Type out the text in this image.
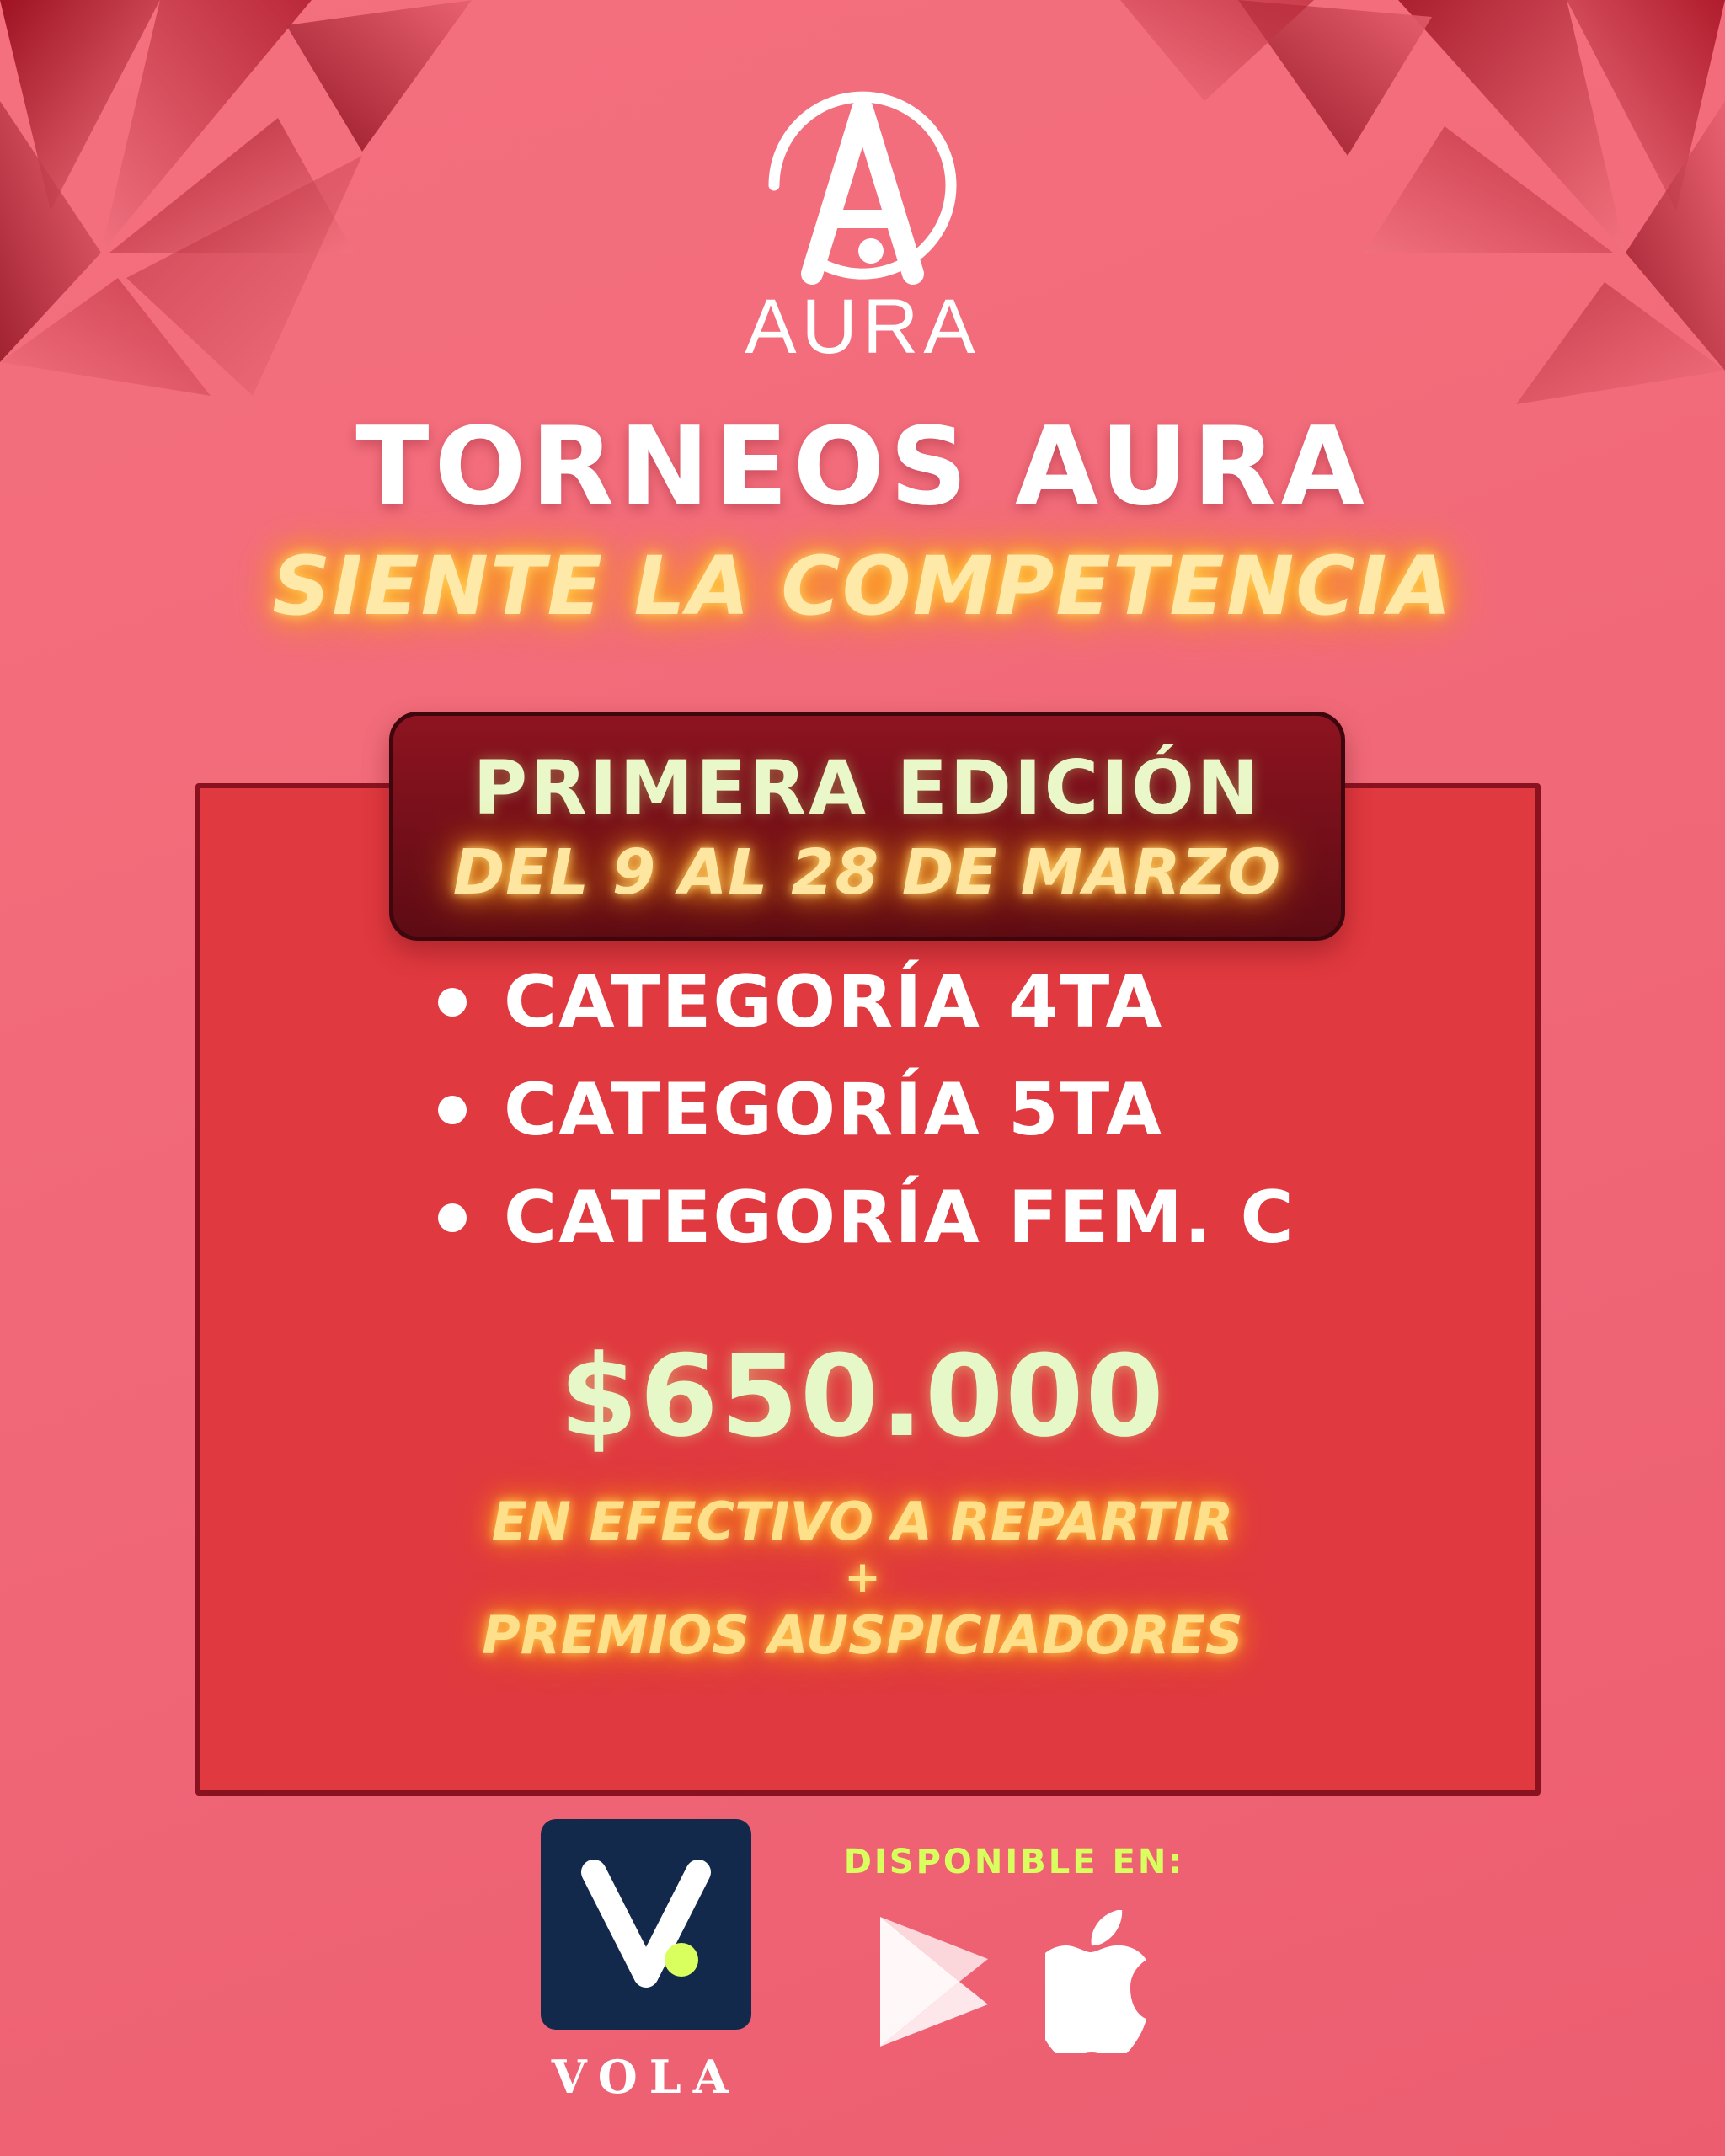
AURA
TORNEOS AURA
SIENTE LA COMPETENCIA
PRIMERA EDICIÓN
DEL 9 AL 28 DE MARZO
CATEGORÍA 4TA
CATEGORÍA 5TA
CATEGORÍA FEM. C
$650.000
EN EFECTIVO A REPARTIR
+
PREMIOS AUSPICIADORES
VOLA
DISPONIBLE EN:
